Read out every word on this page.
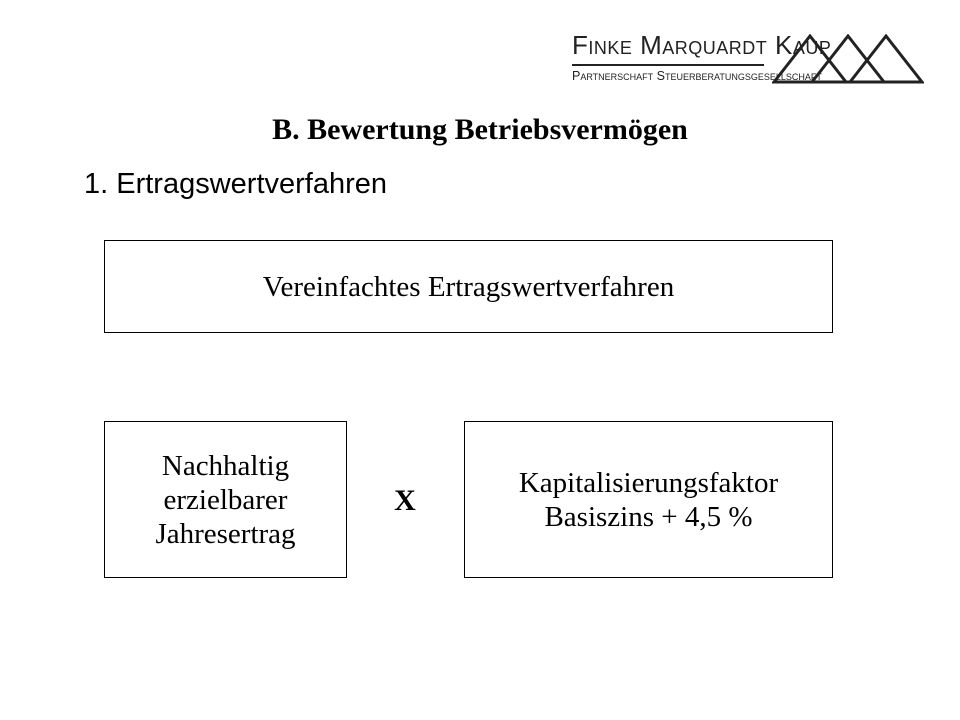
Finke Marquardt Kaup
Partnerschaft Steuerberatungsgesellschaft
B. Bewertung Betriebsvermögen
1. Ertragswertverfahren
Vereinfachtes Ertragswertverfahren
Nachhaltig
erzielbarer
Jahresertrag
X
Kapitalisierungsfaktor
Basiszins + 4,5 %
